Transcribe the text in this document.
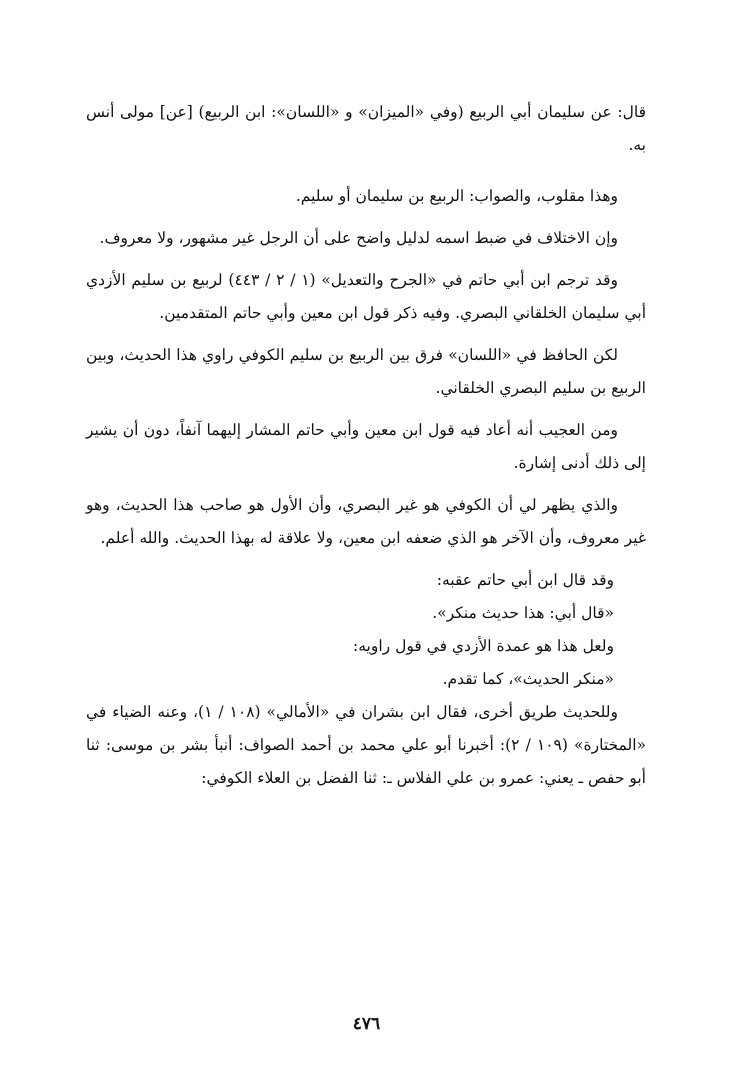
قال: عن سليمان أبي الربيع (وفي «الميزان» و «اللسان»: ابن الربيع) [عن] مولى أنس به.

وهذا مقلوب، والصواب: الربيع بن سليمان أو سليم.

وإن الاختلاف في ضبط اسمه لدليل واضح على أن الرجل غير مشهور، ولا معروف.

وقد ترجم ابن أبي حاتم في «الجرح والتعديل» (١ / ٢ / ٤٤٣) لربيع بن سليم الأزدي أبي سليمان الخلقاني البصري. وفيه ذكر قول ابن معين وأبي حاتم المتقدمين.

لكن الحافظ في «اللسان» فرق بين الربيع بن سليم الكوفي راوي هذا الحديث، وبين الربيع بن سليم البصري الخلقاني.

ومن العجيب أنه أعاد فيه قول ابن معين وأبي حاتم المشار إليهما آنفاً، دون أن يشير إلى ذلك أدنى إشارة.

والذي يظهر لي أن الكوفي هو غير البصري، وأن الأول هو صاحب هذا الحديث، وهو غير معروف، وأن الآخر هو الذي ضعفه ابن معين، ولا علاقة له بهذا الحديث. والله أعلم.

وقد قال ابن أبي حاتم عقبه:

«قال أبي: هذا حديث منكر».

ولعل هذا هو عمدة الأزدي في قول راويه:

«منكر الحديث»، كما تقدم.

وللحديث طريق أخرى، فقال ابن بشران في «الأمالي» (١٠٨ / ١)، وعنه الضياء في «المختارة» (١٠٩ / ٢): أخبرنا أبو علي محمد بن أحمد الصواف: أنبأ بشر بن موسى: ثنا أبو حفص ـ يعني: عمرو بن علي الفلاس ـ: ثنا الفضل بن العلاء الكوفي:

٤٧٦
